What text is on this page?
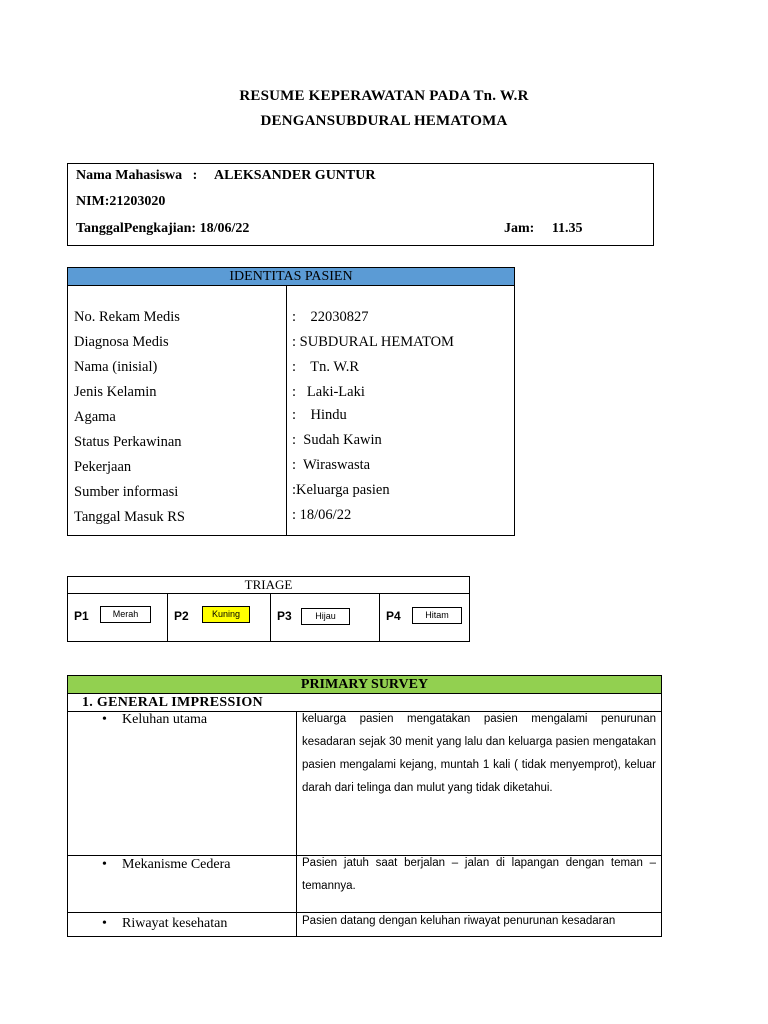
RESUME KEPERAWATAN PADA Tn. W.R
DENGANSUBDURAL HEMATOMA
Nama Mahasiswa   :     ALEKSANDER GUNTUR
NIM:21203020
TanggalPengkajian: 18/06/22	Jam:     11.35
IDENTITAS PASIEN
No. Rekam Medis	:    22030827
Diagnosa Medis	: SUBDURAL HEMATOM
Nama (inisial)	:    Tn. W.R
Jenis Kelamin	:   Laki-Laki
Agama	:    Hindu
Status Perkawinan	:  Sudah Kawin
Pekerjaan	:  Wiraswasta
Sumber informasi	:Keluarga pasien
Tanggal Masuk RS	: 18/06/22
TRIAGE
P1	Merah	P2	Kuning	P3	Hijau	P4	Hitam
PRIMARY SURVEY
1. GENERAL IMPRESSION
• Keluhan utama	keluarga pasien mengatakan pasien mengalami penurunan kesadaran sejak 30 menit yang lalu dan keluarga pasien mengatakan pasien mengalami kejang, muntah 1 kali ( tidak menyemprot), keluar darah dari telinga dan mulut yang tidak diketahui.
• Mekanisme Cedera	Pasien jatuh saat berjalan – jalan di lapangan dengan teman – temannya.
• Riwayat kesehatan	Pasien datang dengan keluhan riwayat penurunan kesadaran
